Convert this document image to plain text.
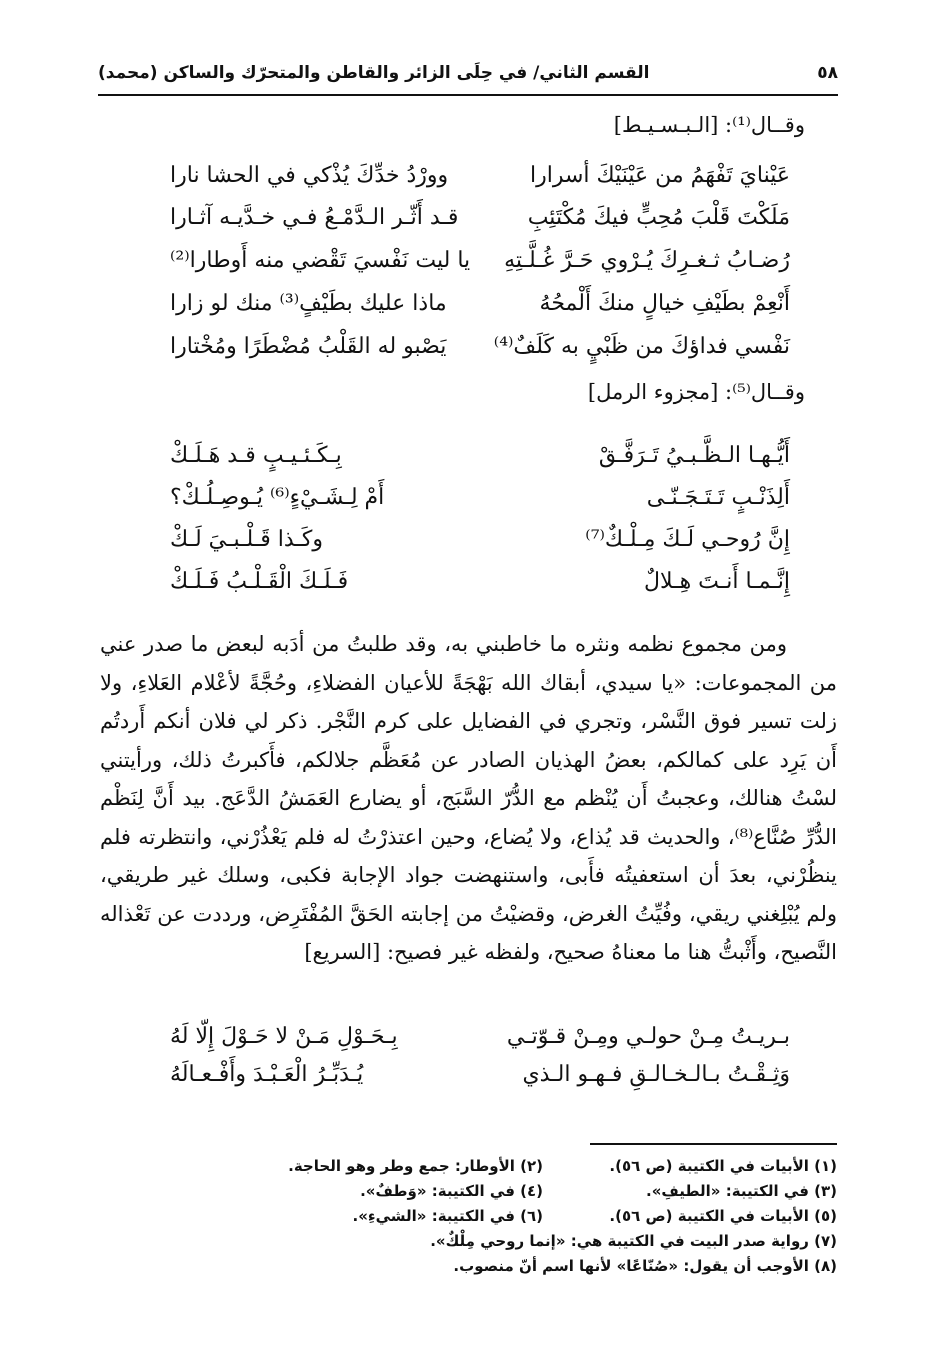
٥٨
القسم الثاني/ في حِلَى الزائر والقاطن والمتحرّك والساكن (محمد)
وقــال⁽¹⁾: [الـبـسـيـط]
عَيْنايَ تَفْهَمُ من عَيْنَيْكَ أسرارا
وورْدُ خدِّكَ يُذْكي في الحشا نارا
مَلَكْتَ قَلْبَ مُحِبٍّ فيكَ مُكْتَئِبِ
قـد أَثّـر الـدَّمْـعُ فـي خـدَّيـه آثـارا
رُضـابُ ثـغـرِكَ يُـرْوي حَـرَّ غُـلَّـتِهِ
يا ليت نَفْسيَ تَقْضي منه أَوطارا⁽²⁾
أَنْعِمْ بطَيْفِ خيالٍ منكَ أَلْمحُهُ
ماذا عليك بطَيْفٍ⁽³⁾ منك لو زارا
نَفْسي فداؤكَ من ظَبْيٍ به كَلَفٌ⁽⁴⁾
يَصْبو له القَلْبُ مُضْطَرًا ومُخْتارا
وقــال⁽⁵⁾: [مجزوء الرمل]
أَيُّـهـا الـظَّـبـيُ تَـرَفَّـقْ
بِـكَـئـيـبٍ قـد هَـلَـكْ
أَلِذَنْـبٍ تَـتَـجَـنّـى
أَمْ لِـشَـيْءٍ⁽⁶⁾ يُـوصِـلُـكْ؟
إِنَّ رُوحـي لَـكَ مِـلْـكٌ⁽⁷⁾
وكَـذا قَـلْـبـيَ لَـكْ
إِنَّـمـا أَنـتَ هِـلالٌ
فَـلَـكَ الْقَـلْـبُ فَـلَـكْ

ومن مجموع نظمه ونثره ما خاطبني به، وقد طلبتُ من أدَبه لبعض ما صدر عني من المجموعات: «يا سيدي، أبقاك الله بَهْجَةً للأعيان الفضلاءِ، وحُجَّةً لأعْلام العَلاءِ، ولا زلت تسير فوق النَّسْر، وتجري في الفضايل على كرم النَّجْر. ذكر لي فلان أنكم أَردتُم أَن يَرِد على كمالكم، بعضُ الهذيان الصادر عن مُعَظَّم جلالكم، فأَكبرتُ ذلك، ورأيتني لسْتُ هنالك، وعجبتُ أَن يُنْظم مع الدُّرّ السَّبَج، أو يضارع العَمَشُ الدَّعَج. بيد أَنَّ لِنَظْم الدُّرِّ صُنَّاع⁽⁸⁾، والحديث قد يُذاع، ولا يُضاع، وحين اعتذرْتُ له فلم يَعْذُرْني، وانتظرته فلم ينظُرْني، بعدَ أن استعفيتُه فأَبى، واستنهضت جواد الإجابة فكبى، وسلك غير طريقي، ولم يُبْلِغني ريقي، وفُيِّتُ الغرض، وقضيْتُ من إجابته الحَقَّ المُفْتَرِض، ورددت عن تَعْذاله النَّصيح، وأَثْبتُّ هنا ما معناهُ صحيح، ولفظه غير فصيح: [السريع]

بـريـتُ مِـنْ حولـي ومِـنْ قـوّتـي
بِـحَـوْلِ مَـنْ لا حَـوْلَ إِلّا لَهُ
وَثِـقْـتُ بـالـخـالـقِ فـهـو الـذي
يُـدَبِّـرُ الْعَـبْـدَ وأَفْـعـالَهُ
(١) الأبيات في الكتيبة (ص ٥٦).
(٢) الأوطار: جمع وطر وهو الحاجة.
(٣) في الكتيبة: «الطيفِ».
(٤) في الكتيبة: «وَطفٌ».
(٥) الأبيات في الكتيبة (ص ٥٦).
(٦) في الكتيبة: «الشيءِ».
(٧) رواية صدر البيت في الكتيبة هي: «إنما روحي مِلْكٌ».
(٨) الأوجب أن يقول: «صُنّاعًا» لأنها اسم أنّ منصوب.
